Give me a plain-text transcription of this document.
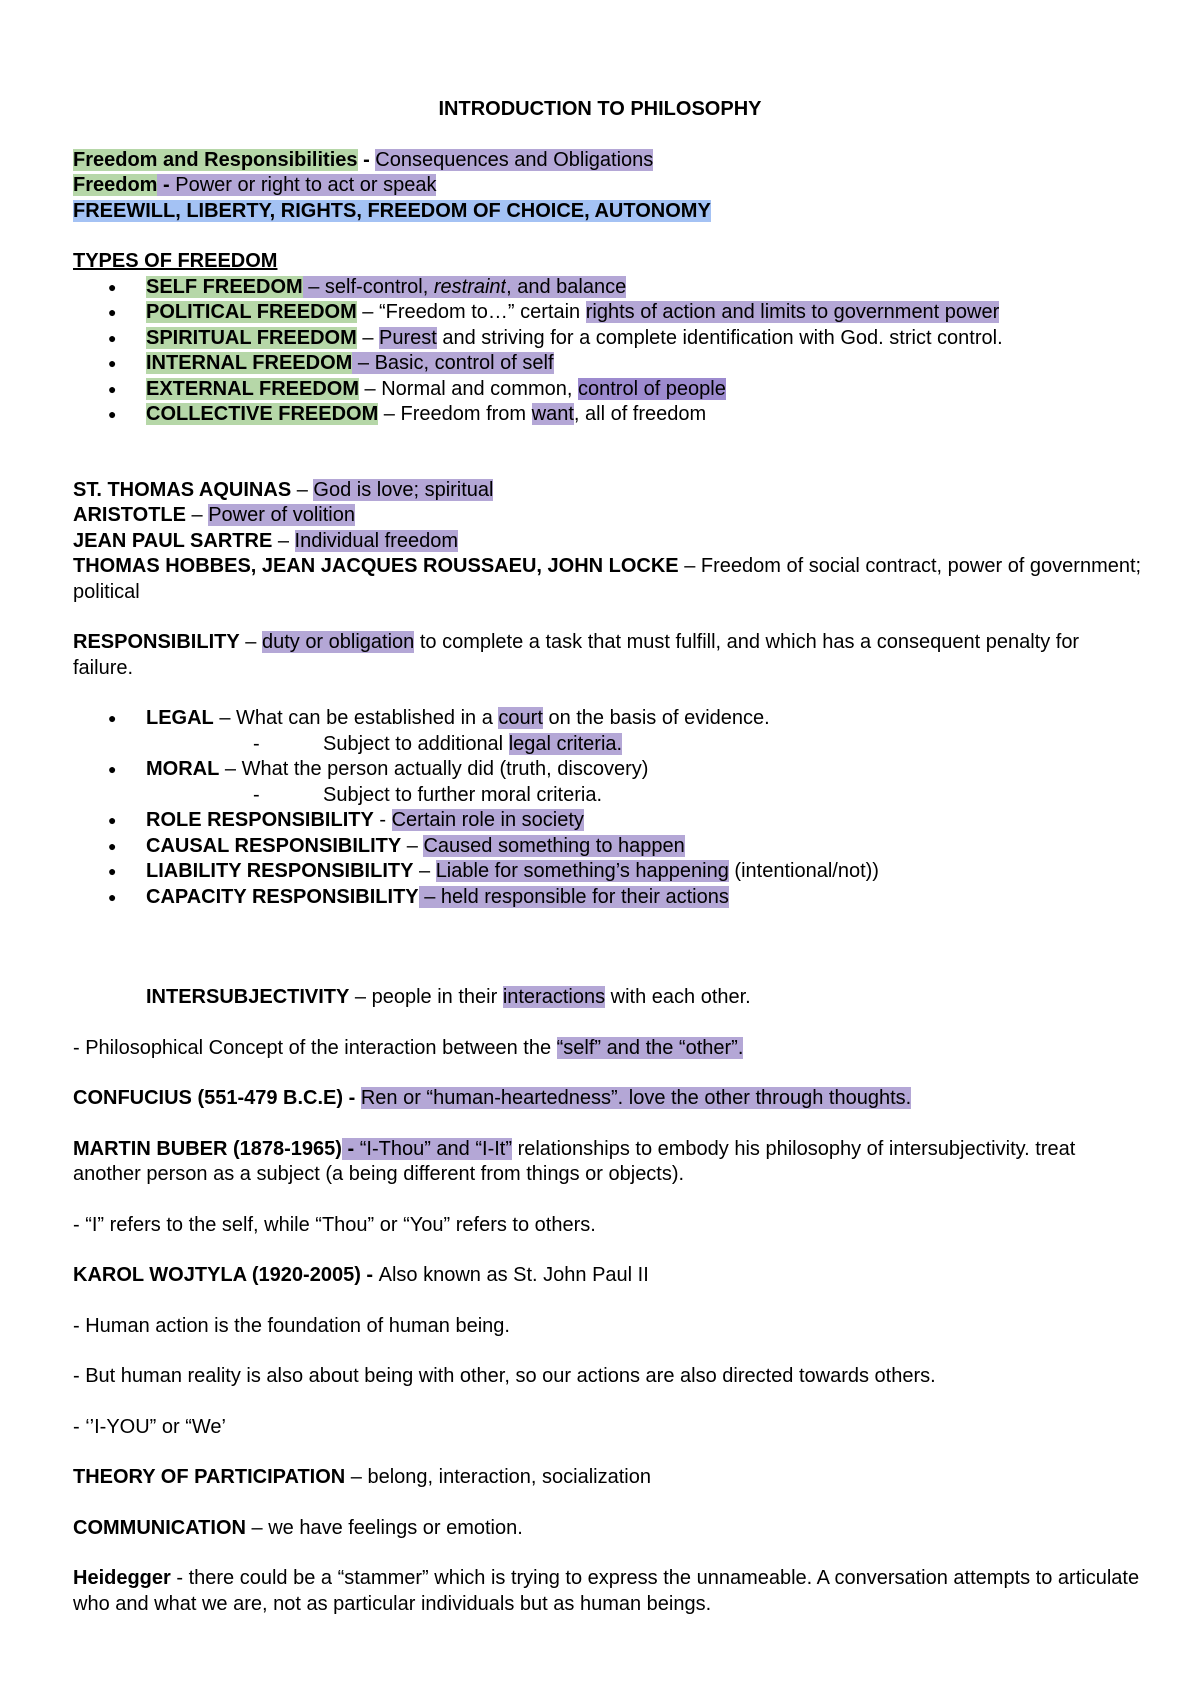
INTRODUCTION TO PHILOSOPHY
Freedom and Responsibilities - Consequences and Obligations
Freedom - Power or right to act or speak
FREEWILL, LIBERTY, RIGHTS, FREEDOM OF CHOICE, AUTONOMY
TYPES OF FREEDOM
● SELF FREEDOM – self-control, restraint, and balance
● POLITICAL FREEDOM – “Freedom to…” certain rights of action and limits to government power
● SPIRITUAL FREEDOM – Purest and striving for a complete identification with God. strict control.
● INTERNAL FREEDOM – Basic, control of self
● EXTERNAL FREEDOM – Normal and common, control of people
● COLLECTIVE FREEDOM – Freedom from want, all of freedom
ST. THOMAS AQUINAS – God is love; spiritual
ARISTOTLE – Power of volition
JEAN PAUL SARTRE – Individual freedom
THOMAS HOBBES, JEAN JACQUES ROUSSAEU, JOHN LOCKE – Freedom of social contract, power of government; political
RESPONSIBILITY – duty or obligation to complete a task that must fulfill, and which has a consequent penalty for failure.
● LEGAL – What can be established in a court on the basis of evidence.
-	Subject to additional legal criteria.
● MORAL – What the person actually did (truth, discovery)
-	Subject to further moral criteria.
● ROLE RESPONSIBILITY - Certain role in society
● CAUSAL RESPONSIBILITY – Caused something to happen
● LIABILITY RESPONSIBILITY – Liable for something’s happening (intentional/not))
● CAPACITY RESPONSIBILITY – held responsible for their actions
INTERSUBJECTIVITY – people in their interactions with each other.
- Philosophical Concept of the interaction between the “self” and the “other”.
CONFUCIUS (551-479 B.C.E) - Ren or “human-heartedness”. love the other through thoughts.
MARTIN BUBER (1878-1965) - “I-Thou” and “I-It” relationships to embody his philosophy of intersubjectivity. treat another person as a subject (a being different from things or objects).
- “I” refers to the self, while “Thou” or “You” refers to others.
KAROL WOJTYLA (1920-2005) - Also known as St. John Paul II
- Human action is the foundation of human being.
- But human reality is also about being with other, so our actions are also directed towards others.
- ‘’I-YOU” or “We’
THEORY OF PARTICIPATION – belong, interaction, socialization
COMMUNICATION – we have feelings or emotion.
Heidegger - there could be a “stammer” which is trying to express the unnameable. A conversation attempts to articulate who and what we are, not as particular individuals but as human beings.
